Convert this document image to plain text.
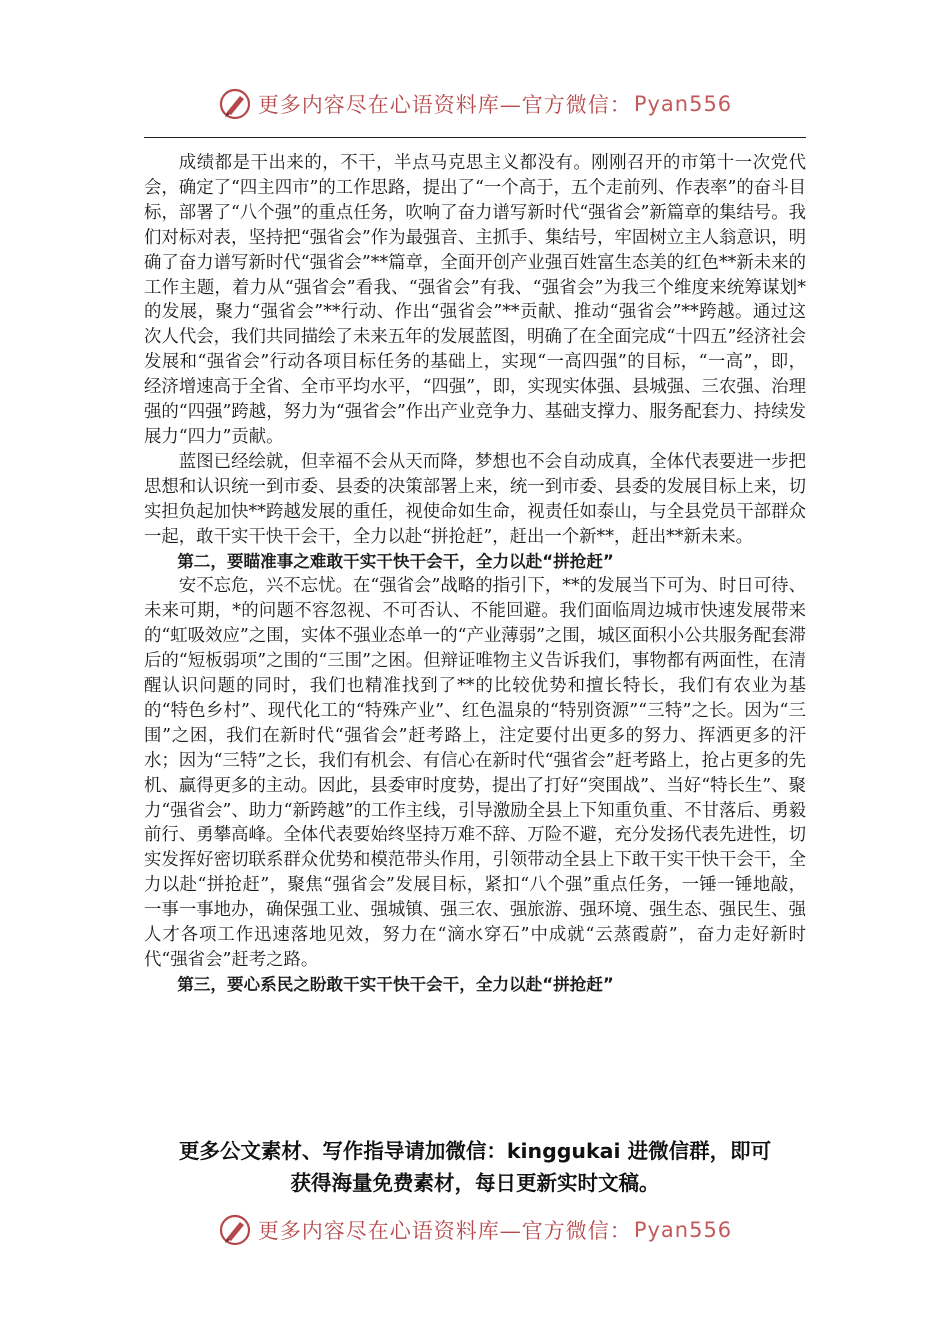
更多内容尽在心语资料库—官方微信： Pyan556

成绩都是干出来的，不干，半点马克思主义都没有。刚刚召开的市第十一次党代会，确定了“四主四市”的工作思路，提出了“一个高于，五个走前列、作表率”的奋斗目标，部署了“八个强”的重点任务，吹响了奋力谱写新时代“强省会”新篇章的集结号。我们对标对表，坚持把“强省会”作为最强音、主抓手、集结号，牢固树立主人翁意识，明确了奋力谱写新时代“强省会”**篇章，全面开创产业强百姓富生态美的红色**新未来的工作主题，着力从“强省会”看我、“强省会”有我、“强省会”为我三个维度来统筹谋划*的发展，聚力“强省会”**行动、作出“强省会”**贡献、推动“强省会”**跨越。通过这次人代会，我们共同描绘了未来五年的发展蓝图，明确了在全面完成“十四五”经济社会发展和“强省会”行动各项目标任务的基础上，实现“一高四强”的目标，“一高”，即，经济增速高于全省、全市平均水平，“四强”，即，实现实体强、县城强、三农强、治理强的“四强”跨越，努力为“强省会”作出产业竞争力、基础支撑力、服务配套力、持续发展力“四力”贡献。

蓝图已经绘就，但幸福不会从天而降，梦想也不会自动成真，全体代表要进一步把思想和认识统一到市委、县委的决策部署上来，统一到市委、县委的发展目标上来，切实担负起加快**跨越发展的重任，视使命如生命，视责任如泰山，与全县党员干部群众一起，敢干实干快干会干，全力以赴“拼抢赶”，赶出一个新**，赶出**新未来。

第二，要瞄准事之难敢干实干快干会干，全力以赴“拼抢赶”

安不忘危，兴不忘忧。在“强省会”战略的指引下，**的发展当下可为、时日可待、未来可期，*的问题不容忽视、不可否认、不能回避。我们面临周边城市快速发展带来的“虹吸效应”之围，实体不强业态单一的“产业薄弱”之围，城区面积小公共服务配套滞后的“短板弱项”之围的“三围”之困。但辩证唯物主义告诉我们，事物都有两面性，在清醒认识问题的同时，我们也精准找到了**的比较优势和擅长特长，我们有农业为基的“特色乡村”、现代化工的“特殊产业”、红色温泉的“特别资源”“三特”之长。因为“三围”之困，我们在新时代“强省会”赶考路上，注定要付出更多的努力、挥洒更多的汗水；因为“三特”之长，我们有机会、有信心在新时代“强省会”赶考路上，抢占更多的先机、赢得更多的主动。因此，县委审时度势，提出了打好“突围战”、当好“特长生”、聚力“强省会”、助力“新跨越”的工作主线，引导激励全县上下知重负重、不甘落后、勇毅前行、勇攀高峰。全体代表要始终坚持万难不辞、万险不避，充分发扬代表先进性，切实发挥好密切联系群众优势和模范带头作用，引领带动全县上下敢干实干快干会干，全力以赴“拼抢赶”，聚焦“强省会”发展目标，紧扣“八个强”重点任务，一锤一锤地敲，一事一事地办，确保强工业、强城镇、强三农、强旅游、强环境、强生态、强民生、强人才各项工作迅速落地见效，努力在“滴水穿石”中成就“云蒸霞蔚”，奋力走好新时代“强省会”赶考之路。

第三，要心系民之盼敢干实干快干会干，全力以赴“拼抢赶”

更多公文素材、写作指导请加微信：kinggukai 进微信群，即可
获得海量免费素材，每日更新实时文稿。
更多内容尽在心语资料库—官方微信： Pyan556
